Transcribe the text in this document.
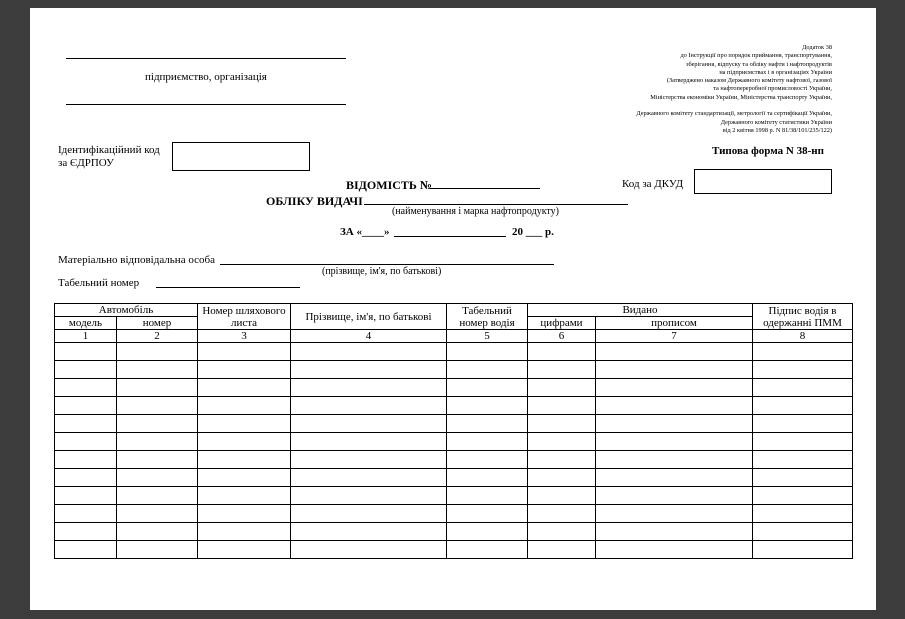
підприємство, організація
Додаток 38
до Інструкції про порядок приймання, транспортування,
зберігання, відпуску та обліку нафти і нафтопродуктів
на підприємствах і в організаціях України
(Затверджено наказом Державного комітету нафтової, газової
та нафтопереробної промисловості України,
Міністерства економіки України, Міністерства транспорту України,

Державного комітету стандартизації, метрології та сертифікації України,
Державного комітету статистики України
від 2 квітня 1998 р. N 81/38/101/235/122)
Ідентифікаційний код
за ЄДРПОУ
Типова форма N 38-нп
ВІДОМІСТЬ №	Код за ДКУД
ОБЛІКУ ВИДАЧІ
(найменування і марка нафтопродукту)
ЗА «____»	20 ___ р.
Матеріально відповідальна особа
(прізвище, ім'я, по батькові)
Табельний номер
Автомобіль		Номер шляхового листа	Прізвище, ім'я, по батькові	Табельний номер водія	Видано		Підпис водія в одержанні ПММ
модель	номер				цифрами	прописом	
1	2	3	4	5	6	7	8
